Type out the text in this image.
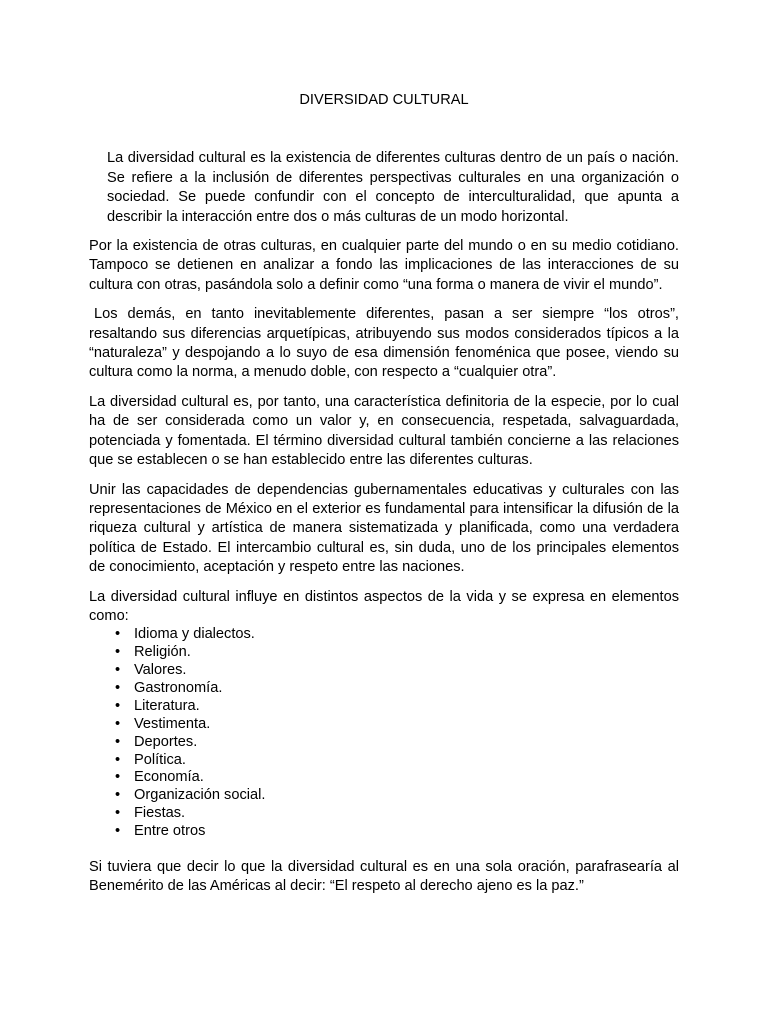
DIVERSIDAD CULTURAL

La diversidad cultural es la existencia de diferentes culturas dentro de un país o nación. Se refiere a la inclusión de diferentes perspectivas culturales en una organización o sociedad. Se puede confundir con el concepto de interculturalidad, que apunta a describir la interacción entre dos o más culturas de un modo horizontal.

Por la existencia de otras culturas, en cualquier parte del mundo o en su medio cotidiano. Tampoco se detienen en analizar a fondo las implicaciones de las interacciones de su cultura con otras, pasándola solo a definir como “una forma o manera de vivir el mundo”.

Los demás, en tanto inevitablemente diferentes, pasan a ser siempre “los otros”, resaltando sus diferencias arquetípicas, atribuyendo sus modos considerados típicos a la “naturaleza” y despojando a lo suyo de esa dimensión fenoménica que posee, viendo su cultura como la norma, a menudo doble, con respecto a “cualquier otra”.

La diversidad cultural es, por tanto, una característica definitoria de la especie, por lo cual ha de ser considerada como un valor y, en consecuencia, respetada, salvaguardada, potenciada y fomentada. El término diversidad cultural también concierne a las relaciones que se establecen o se han establecido entre las diferentes culturas.

Unir las capacidades de dependencias gubernamentales educativas y culturales con las representaciones de México en el exterior es fundamental para intensificar la difusión de la riqueza cultural y artística de manera sistematizada y planificada, como una verdadera política de Estado. El intercambio cultural es, sin duda, uno de los principales elementos de conocimiento, aceptación y respeto entre las naciones.

La diversidad cultural influye en distintos aspectos de la vida y se expresa en elementos como:

• Idioma y dialectos.
• Religión.
• Valores.
• Gastronomía.
• Literatura.
• Vestimenta.
• Deportes.
• Política.
• Economía.
• Organización social.
• Fiestas.
• Entre otros

Si tuviera que decir lo que la diversidad cultural es en una sola oración, parafrasearía al Benemérito de las Américas al decir: “El respeto al derecho ajeno es la paz.”
